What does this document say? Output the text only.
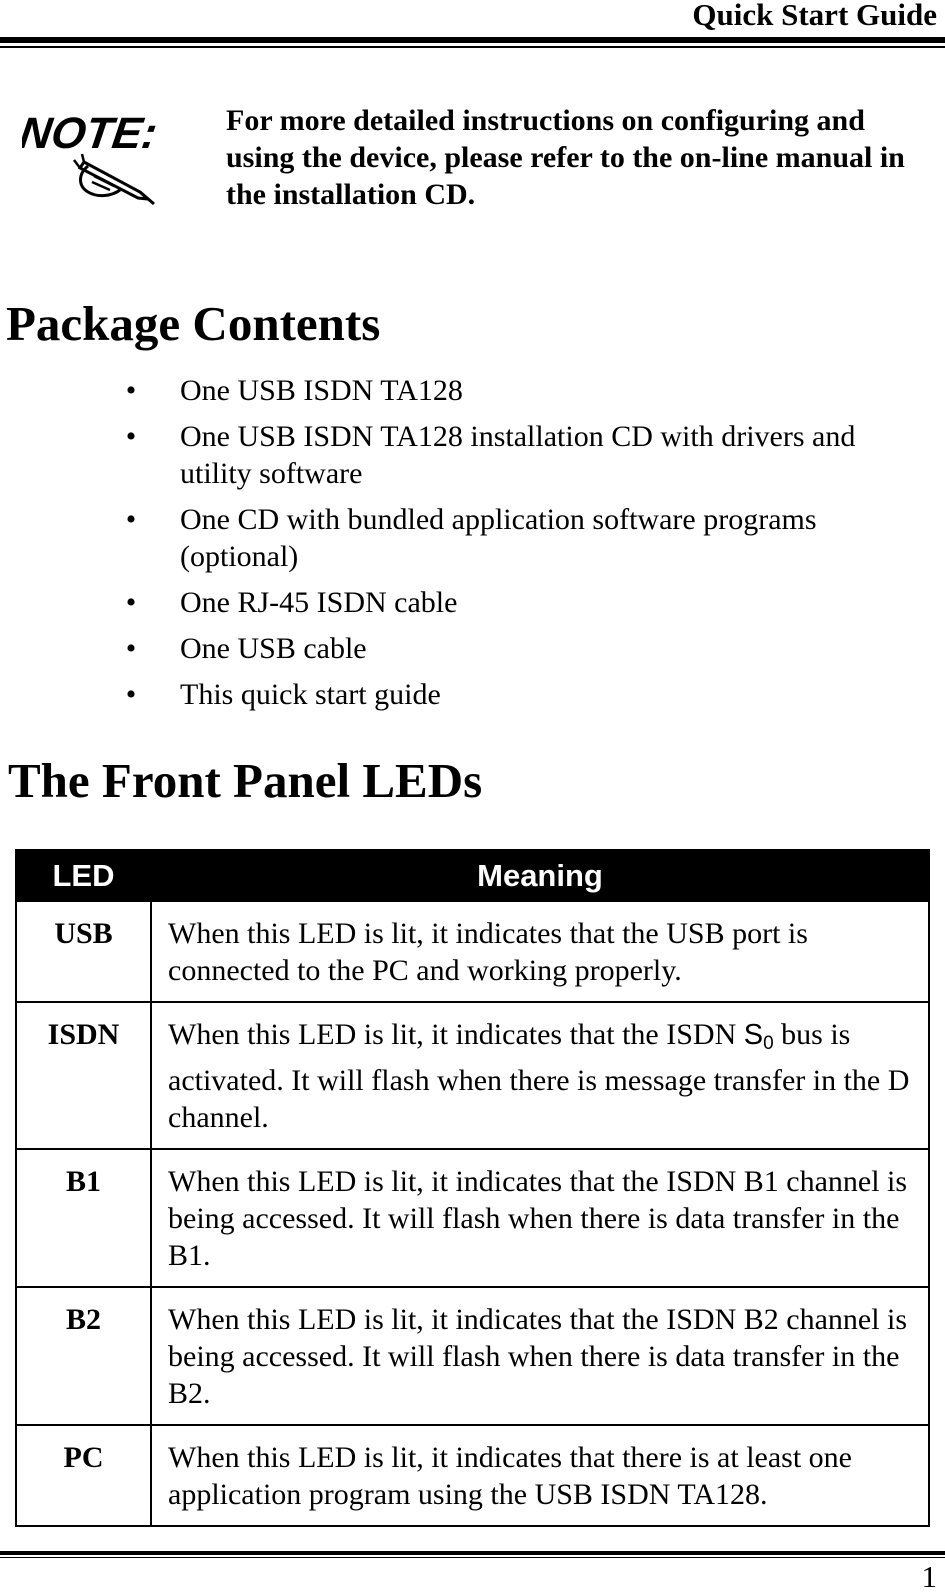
Quick Start Guide
NOTE: For more detailed instructions on configuring and using the device, please refer to the on-line manual in the installation CD.
Package Contents
• One USB ISDN TA128
• One USB ISDN TA128 installation CD with drivers and utility software
• One CD with bundled application software programs (optional)
• One RJ-45 ISDN cable
• One USB cable
• This quick start guide
The Front Panel LEDs
LED	Meaning
USB	When this LED is lit, it indicates that the USB port is connected to the PC and working properly.
ISDN	When this LED is lit, it indicates that the ISDN $S_0$ bus is activated. It will flash when there is message transfer in the D channel.
B1	When this LED is lit, it indicates that the ISDN B1 channel is being accessed. It will flash when there is data transfer in the B1.
B2	When this LED is lit, it indicates that the ISDN B2 channel is being accessed. It will flash when there is data transfer in the B2.
PC	When this LED is lit, it indicates that there is at least one application program using the USB ISDN TA128.
1
